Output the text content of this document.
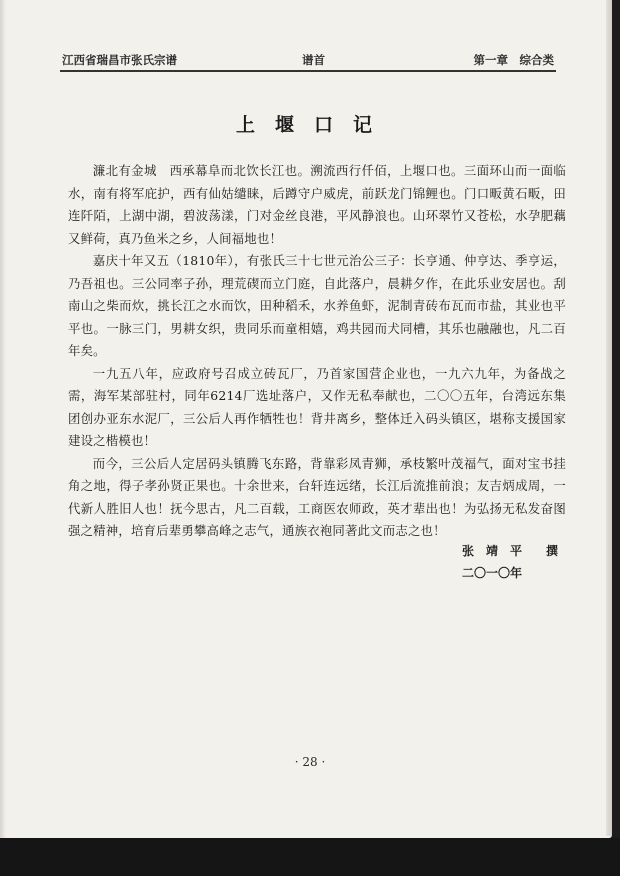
江西省瑞昌市张氏宗谱	谱首	第一章　综合类
上堰口记

濂北有金城　西承幕阜而北饮长江也。溯流西行仟佰，上堰口也。三面环山而一面临水，南有将军庇护，西有仙姑缱睐，后蹲守户威虎，前跃龙门锦鲤也。门口畈黄石畈，田连阡陌，上湖中湖，碧波荡漾，门对金丝良港，平风静浪也。山环翠竹又苍松，水孕肥藕又鲜荷，真乃鱼米之乡，人间福地也！

嘉庆十年又五（1810年），有张氏三十七世元治公三子：长亨通、仲亨达、季亨运，乃吾祖也。三公同率子孙，理荒碶而立门庭，自此落户，晨耕夕作，在此乐业安居也。刮南山之柴而炊，挑长江之水而饮，田种稻禾，水养鱼虾，泥制青砖布瓦而市盐，其业也平平也。一脉三门，男耕女织，贵同乐而童相嬉，鸡共园而犬同槽，其乐也融融也，凡二百年矣。

一九五八年，应政府号召成立砖瓦厂，乃首家国营企业也，一九六九年，为备战之需，海军某部驻村，同年6214厂选址落户，又作无私奉献也，二〇〇五年，台湾远东集团创办亚东水泥厂，三公后人再作牺牲也！背井离乡，整体迁入码头镇区，堪称支援国家建设之楷模也！

而今，三公后人定居码头镇腾飞东路，背靠彩凤青狮，承枝繁叶茂福气，面对宝书挂角之地，得子孝孙贤正果也。十余世来，台轩连远绪，长江后流推前浪；友吉炳成周，一代新人胜旧人也！抚今思古，凡二百载，工商医农师政，英才辈出也！为弘扬无私发奋图强之精神，培育后辈勇攀高峰之志气，通族衣袍同著此文而志之也！

张　靖　平　　撰
二〇一〇年
· 28 ·
